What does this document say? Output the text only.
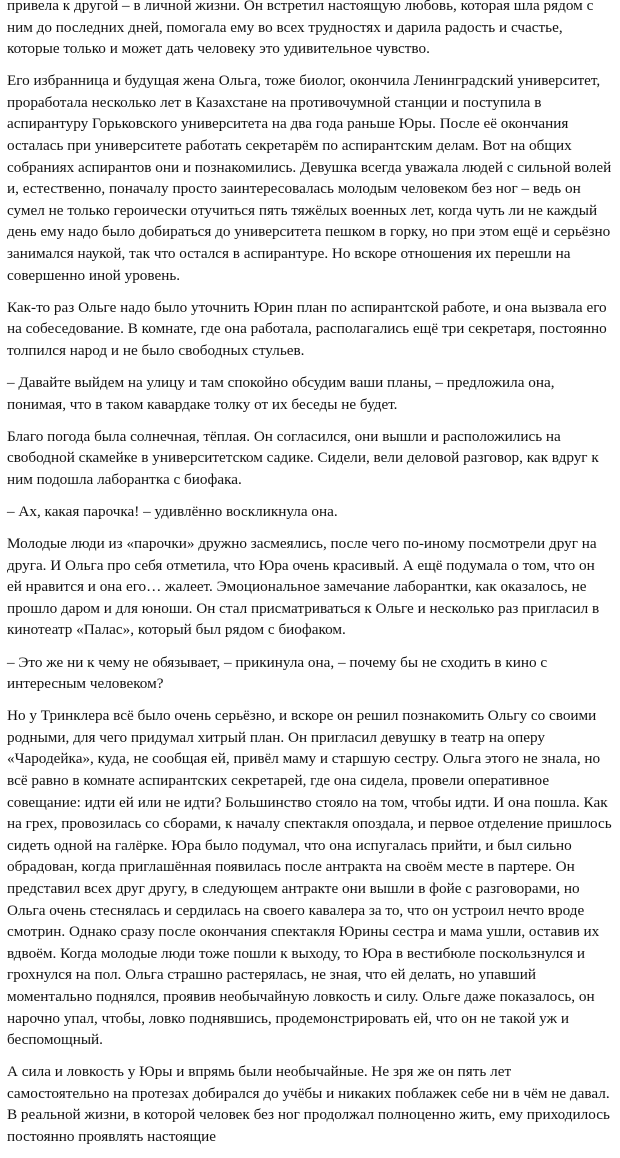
привела к другой – в личной жизни. Он встретил настоящую любовь, которая шла рядом с ним до последних дней, помогала ему во всех трудностях и дарила радость и счастье, которые только и может дать человеку это удивительное чувство.

Его избранница и будущая жена Ольга, тоже биолог, окончила Ленинградский университет, проработала несколько лет в Казахстане на противочумной станции и поступила в аспирантуру Горьковского университета на два года раньше Юры. После её окончания осталась при университете работать секретарём по аспирантским делам. Вот на общих собраниях аспирантов они и познакомились. Девушка всегда уважала людей с сильной волей и, естественно, поначалу просто заинтересовалась молодым человеком без ног – ведь он сумел не только героически отучиться пять тяжёлых военных лет, когда чуть ли не каждый день ему надо было добираться до университета пешком в горку, но при этом ещё и серьёзно занимался наукой, так что остался в аспирантуре. Но вскоре отношения их перешли на совершенно иной уровень.

Как-то раз Ольге надо было уточнить Юрин план по аспирантской работе, и она вызвала его на собеседование. В комнате, где она работала, располагались ещё три секретаря, постоянно толпился народ и не было свободных стульев.

– Давайте выйдем на улицу и там спокойно обсудим ваши планы, – предложила она, понимая, что в таком кавардаке толку от их беседы не будет.

Благо погода была солнечная, тёплая. Он согласился, они вышли и расположились на свободной скамейке в университетском садике. Сидели, вели деловой разговор, как вдруг к ним подошла лаборантка с биофака.

– Ах, какая парочка! – удивлённо воскликнула она.

Молодые люди из «парочки» дружно засмеялись, после чего по-иному посмотрели друг на друга. И Ольга про себя отметила, что Юра очень красивый. А ещё подумала о том, что он ей нравится и она его… жалеет. Эмоциональное замечание лаборантки, как оказалось, не прошло даром и для юноши. Он стал присматриваться к Ольге и несколько раз пригласил в кинотеатр «Палас», который был рядом с биофаком.

– Это же ни к чему не обязывает, – прикинула она, – почему бы не сходить в кино с интересным человеком?

Но у Тринклера всё было очень серьёзно, и вскоре он решил познакомить Ольгу со своими родными, для чего придумал хитрый план. Он пригласил девушку в театр на оперу «Чародейка», куда, не сообщая ей, привёл маму и старшую сестру. Ольга этого не знала, но всё равно в комнате аспирантских секретарей, где она сидела, провели оперативное совещание: идти ей или не идти? Большинство стояло на том, чтобы идти. И она пошла. Как на грех, провозилась со сборами, к началу спектакля опоздала, и первое отделение пришлось сидеть одной на галёрке. Юра было подумал, что она испугалась прийти, и был сильно обрадован, когда приглашённая появилась после антракта на своём месте в партере. Он представил всех друг другу, в следующем антракте они вышли в фойе с разговорами, но Ольга очень стеснялась и сердилась на своего кавалера за то, что он устроил нечто вроде смотрин. Однако сразу после окончания спектакля Юрины сестра и мама ушли, оставив их вдвоём. Когда молодые люди тоже пошли к выходу, то Юра в вестибюле поскользнулся и грохнулся на пол. Ольга страшно растерялась, не зная, что ей делать, но упавший моментально поднялся, проявив необычайную ловкость и силу. Ольге даже показалось, он нарочно упал, чтобы, ловко поднявшись, продемонстрировать ей, что он не такой уж и беспомощный.

А сила и ловкость у Юры и впрямь были необычайные. Не зря же он пять лет самостоятельно на протезах добирался до учёбы и никаких поблажек себе ни в чём не давал. В реальной жизни, в которой человек без ног продолжал полноценно жить, ему приходилось постоянно проявлять настоящие
